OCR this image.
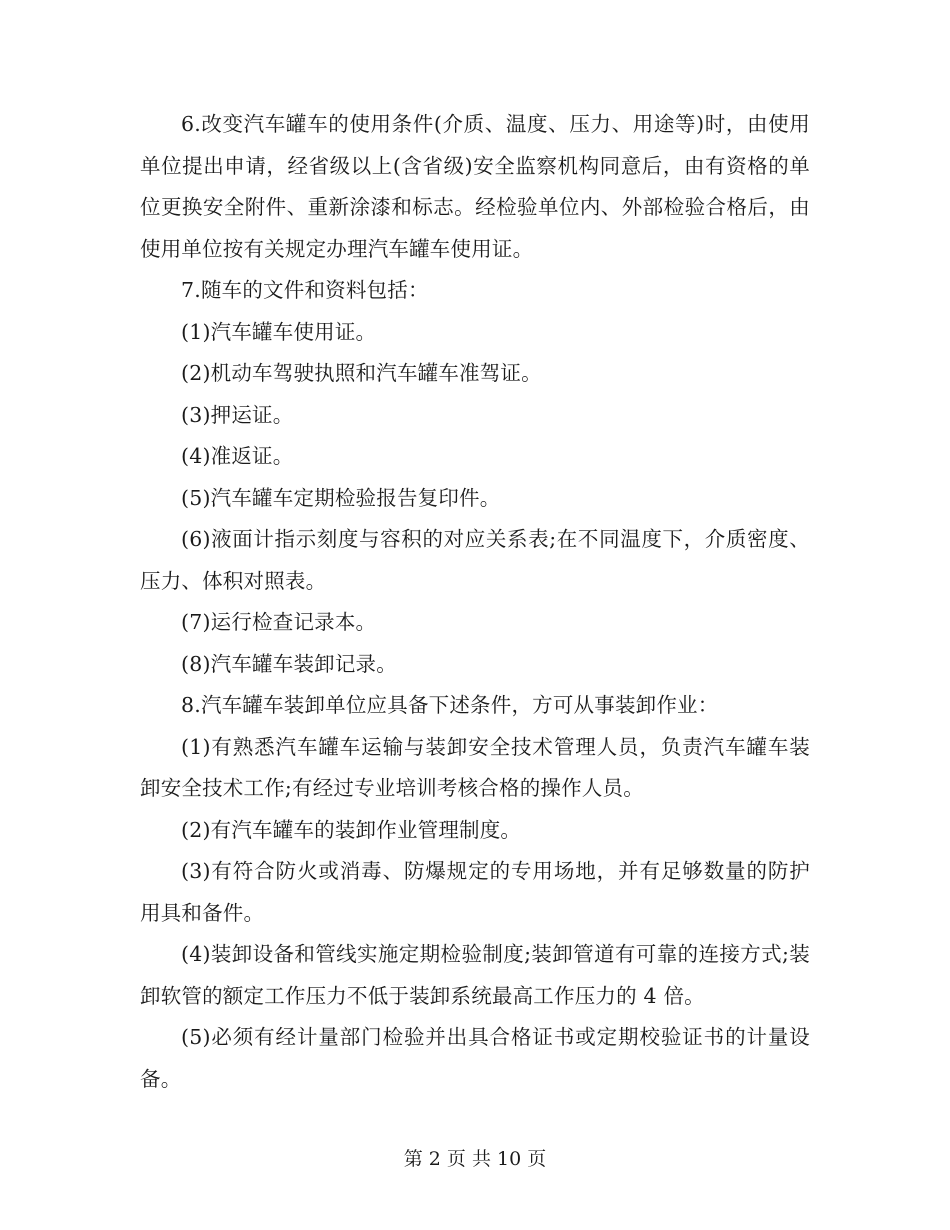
6.改变汽车罐车的使用条件(介质、温度、压力、用途等)时，由使用单位提出申请，经省级以上(含省级)安全监察机构同意后，由有资格的单位更换安全附件、重新涂漆和标志。经检验单位内、外部检验合格后，由使用单位按有关规定办理汽车罐车使用证。

7.随车的文件和资料包括：

(1)汽车罐车使用证。

(2)机动车驾驶执照和汽车罐车准驾证。

(3)押运证。

(4)准返证。

(5)汽车罐车定期检验报告复印件。

(6)液面计指示刻度与容积的对应关系表;在不同温度下，介质密度、压力、体积对照表。

(7)运行检查记录本。

(8)汽车罐车装卸记录。

8.汽车罐车装卸单位应具备下述条件，方可从事装卸作业：

(1)有熟悉汽车罐车运输与装卸安全技术管理人员，负责汽车罐车装卸安全技术工作;有经过专业培训考核合格的操作人员。

(2)有汽车罐车的装卸作业管理制度。

(3)有符合防火或消毒、防爆规定的专用场地，并有足够数量的防护用具和备件。

(4)装卸设备和管线实施定期检验制度;装卸管道有可靠的连接方式;装卸软管的额定工作压力不低于装卸系统最高工作压力的 4 倍。

(5)必须有经计量部门检验并出具合格证书或定期校验证书的计量设备。

第 2 页 共 10 页
